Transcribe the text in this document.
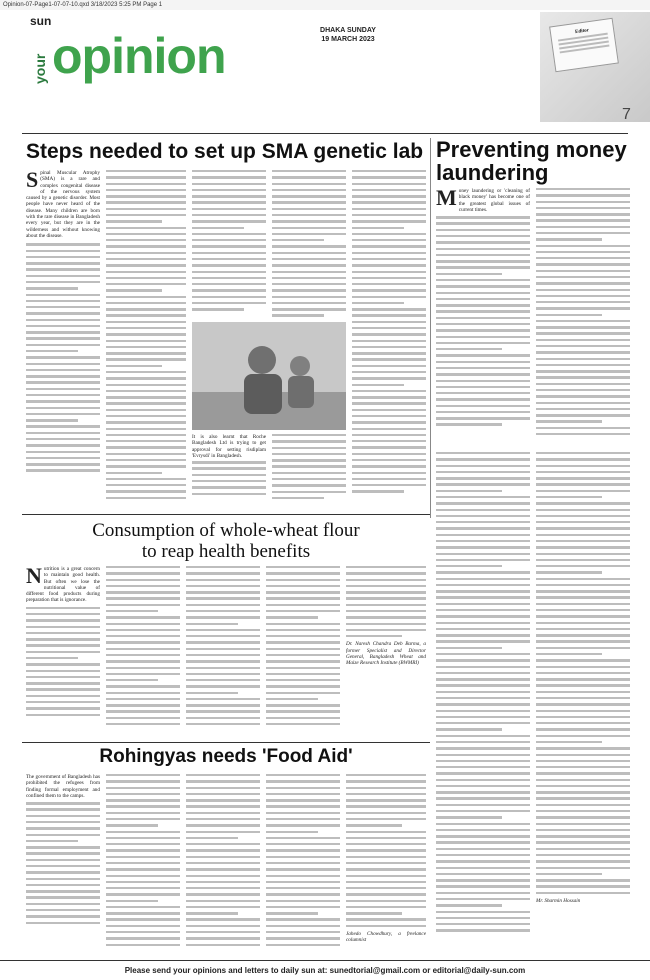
Opinion-07-Page1-07-07-10.qxd 3/18/2023 5:25 PM Page 1
sun
your opinion	DHAKA SUNDAY
19 MARCH 2023
Editor
7
Steps needed to set up SMA genetic lab Preventing money laundering
Spinal Muscular Atrophy (SMA) is a rare and complex congenital disease of the nervous system caused by a genetic disorder. Most people have never heard of the disease. Many children are born with the rare disease in Bangladesh every year, but they are in the wilderness and without knowing about the disease.
It is also learnt that Roche Bangladesh Ltd is trying to get approval for setting risdiplam 'Evrysdi' in Bangladesh.
Money laundering or 'cleaning of black money' has become one of the greatest global issues of current times.
Mr. Sharmin Hossain
Consumption of whole-wheat flour
to reap health benefits
Nutrition is a great concern to maintain good health. But often we lose the nutritional value of different food products during preparation that is ignorance.
Dr. Naresh Chandra Deb Barma, a former Specialist and Director General, Bangladesh Wheat and Maize Research Institute (BWMRI)
Rohingyas needs 'Food Aid'
The government of Bangladesh has prohibited the refugees from finding formal employment and confined them to the camps.
Jahedo Chowdhury, a freelance columnist
Please send your opinions and letters to daily sun at: sunedtorial@gmail.com or editorial@daily-sun.com
